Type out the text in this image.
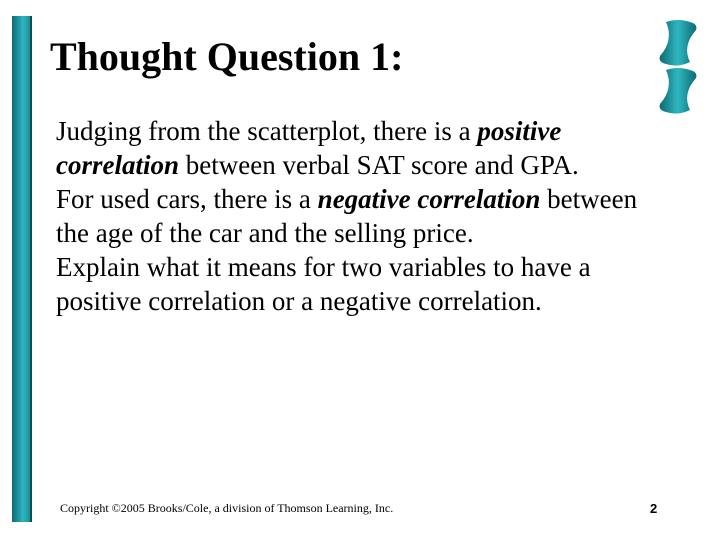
Thought Question 1:

Judging from the scatterplot, there is a positive correlation between verbal SAT score and GPA.

For used cars, there is a negative correlation between the age of the car and the selling price.

Explain what it means for two variables to have a positive correlation or a negative correlation.

Copyright ©2005 Brooks/Cole, a division of Thomson Learning, Inc.	2
